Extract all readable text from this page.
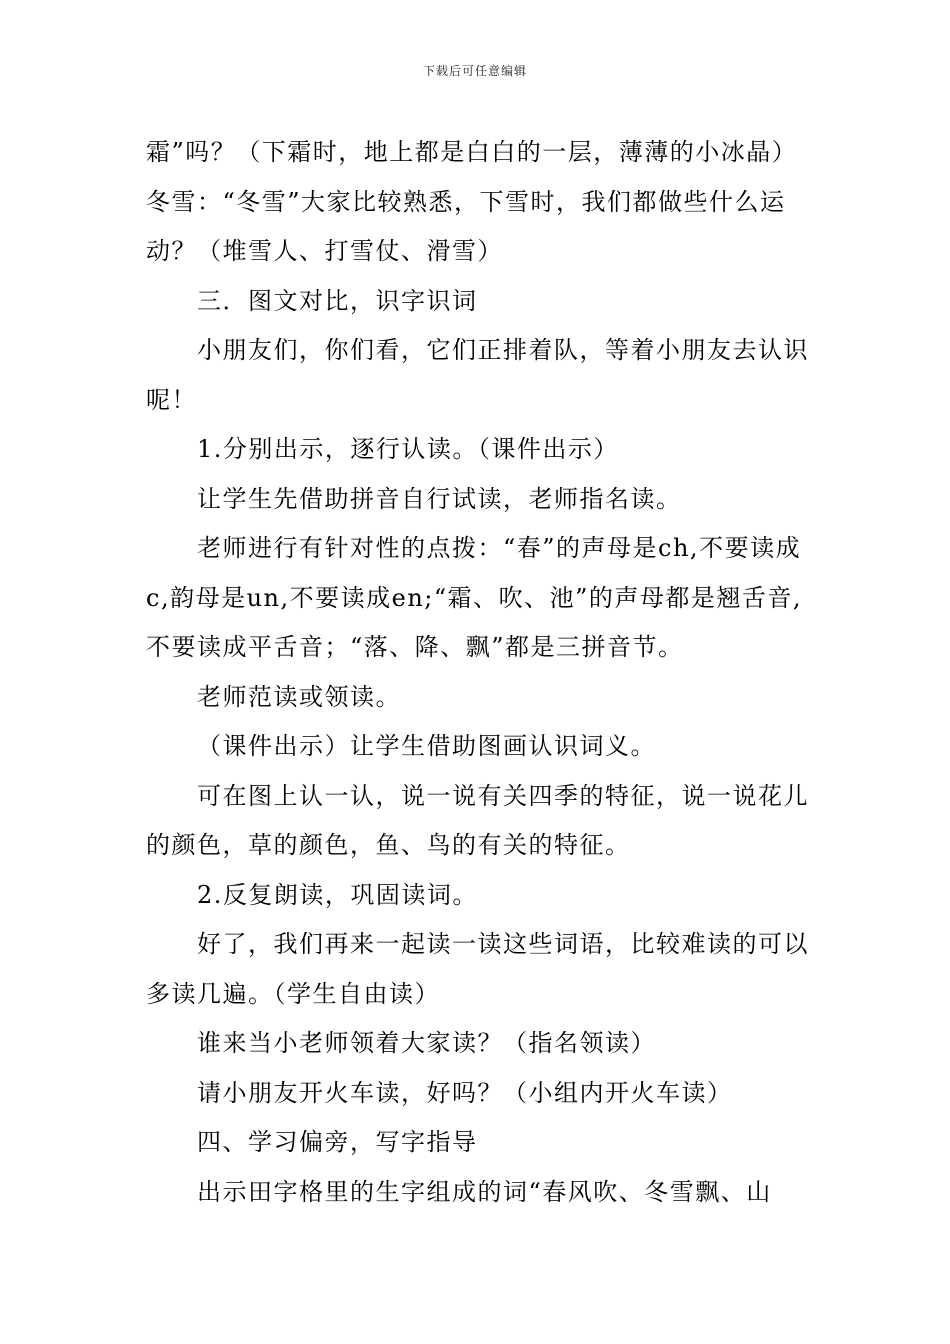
下载后可任意编辑

霜”吗？（下霜时，地上都是白白的一层，薄薄的小冰晶）　　冬雪：“冬雪”大家比较熟悉，下雪时，我们都做些什么运动？（堆雪人、打雪仗、滑雪）

三．图文对比，识字识词

小朋友们，你们看，它们正排着队，等着小朋友去认识呢！

1.分别出示，逐行认读。（课件出示）

让学生先借助拼音自行试读，老师指名读。

老师进行有针对性的点拨：“春”的声母是ch,不要读成c,韵母是un,不要读成en;“霜、吹、池”的声母都是翘舌音,不要读成平舌音；“落、降、飘”都是三拼音节。

老师范读或领读。

（课件出示）让学生借助图画认识词义。

可在图上认一认，说一说有关四季的特征，说一说花儿的颜色，草的颜色，鱼、鸟的有关的特征。

2.反复朗读，巩固读词。

好了，我们再来一起读一读这些词语，比较难读的可以多读几遍。（学生自由读）

谁来当小老师领着大家读？（指名领读）

请小朋友开火车读，好吗？（小组内开火车读）

四、学习偏旁，写字指导

出示田字格里的生字组成的词“春风吹、冬雪飘、山
